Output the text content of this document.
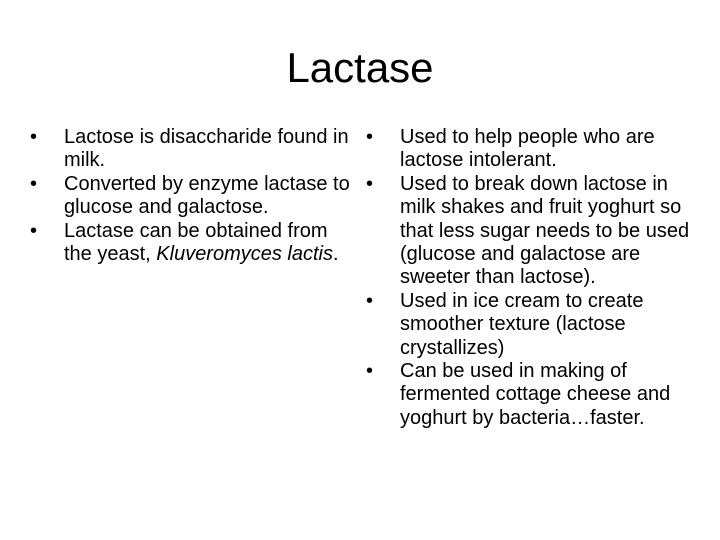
Lactase
•	Lactose is disaccharide found in milk.
•	Converted by enzyme lactase to glucose and galactose.
•	Lactase can be obtained from the yeast, Kluveromyces lactis.
•	Used to help people who are lactose intolerant.
•	Used to break down lactose in milk shakes and fruit yoghurt so that less sugar needs to be used (glucose and galactose are sweeter than lactose).
•	Used in ice cream to create smoother texture (lactose crystallizes)
•	Can be used in making of fermented cottage cheese and yoghurt by bacteria…faster.
